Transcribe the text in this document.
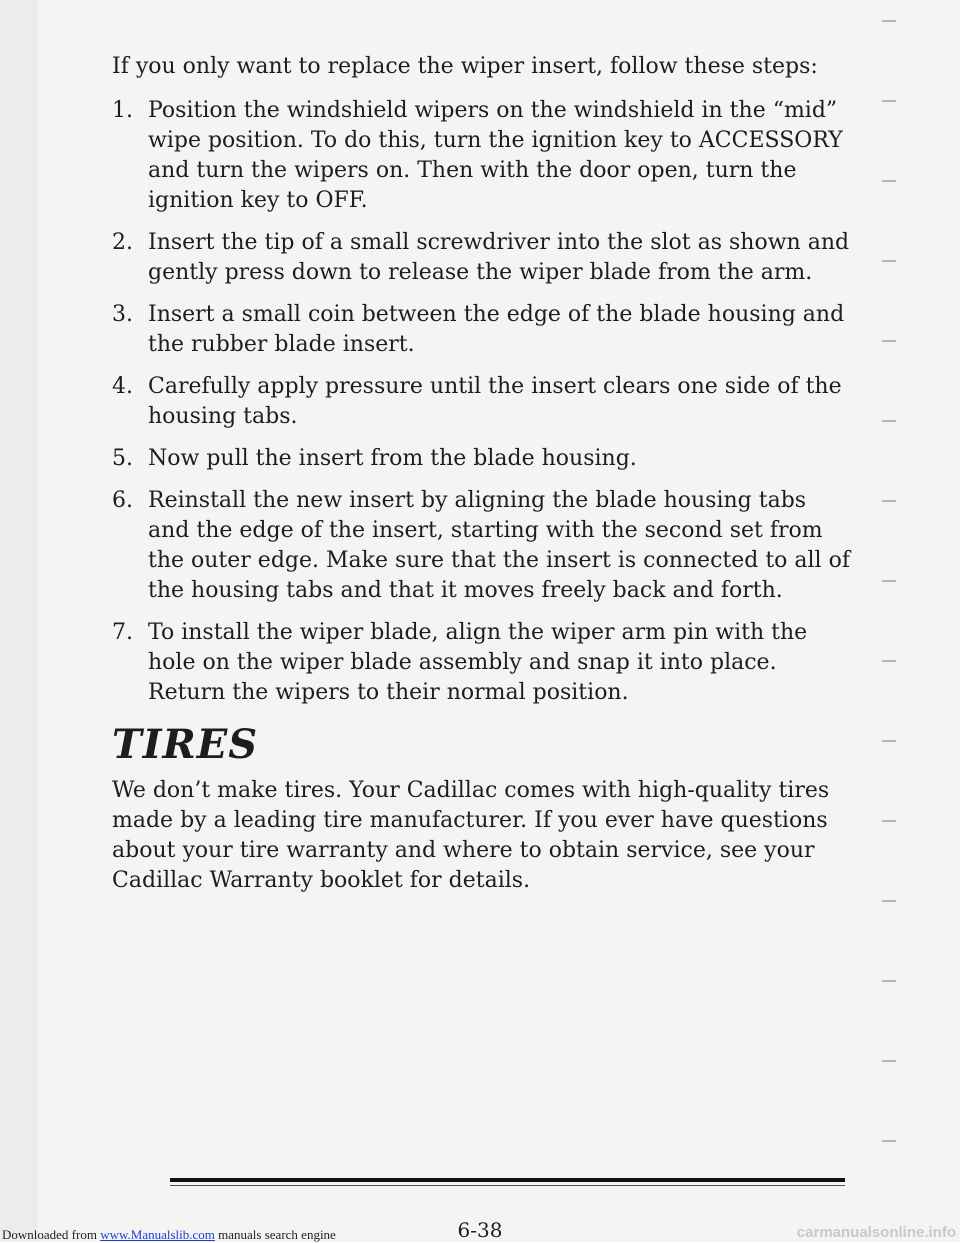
If you only want to replace the wiper insert, follow these steps:

1. Position the windshield wipers on the windshield in the “mid” wipe position. To do this, turn the ignition key to ACCESSORY and turn the wipers on. Then with the door open, turn the ignition key to OFF.
2. Insert the tip of a small screwdriver into the slot as shown and gently press down to release the wiper blade from the arm.
3. Insert a small coin between the edge of the blade housing and the rubber blade insert.
4. Carefully apply pressure until the insert clears one side of the housing tabs.
5. Now pull the insert from the blade housing.
6. Reinstall the new insert by aligning the blade housing tabs and the edge of the insert, starting with the second set from the outer edge. Make sure that the insert is connected to all of the housing tabs and that it moves freely back and forth.
7. To install the wiper blade, align the wiper arm pin with the hole on the wiper blade assembly and snap it into place. Return the wipers to their normal position.
TIRES

We don’t make tires. Your Cadillac comes with high-quality tires made by a leading tire manufacturer. If you ever have questions about your tire warranty and where to obtain service, see your Cadillac Warranty booklet for details.

6-38
Downloaded from www.Manualslib.com manuals search engine	carmanualsonline.info
